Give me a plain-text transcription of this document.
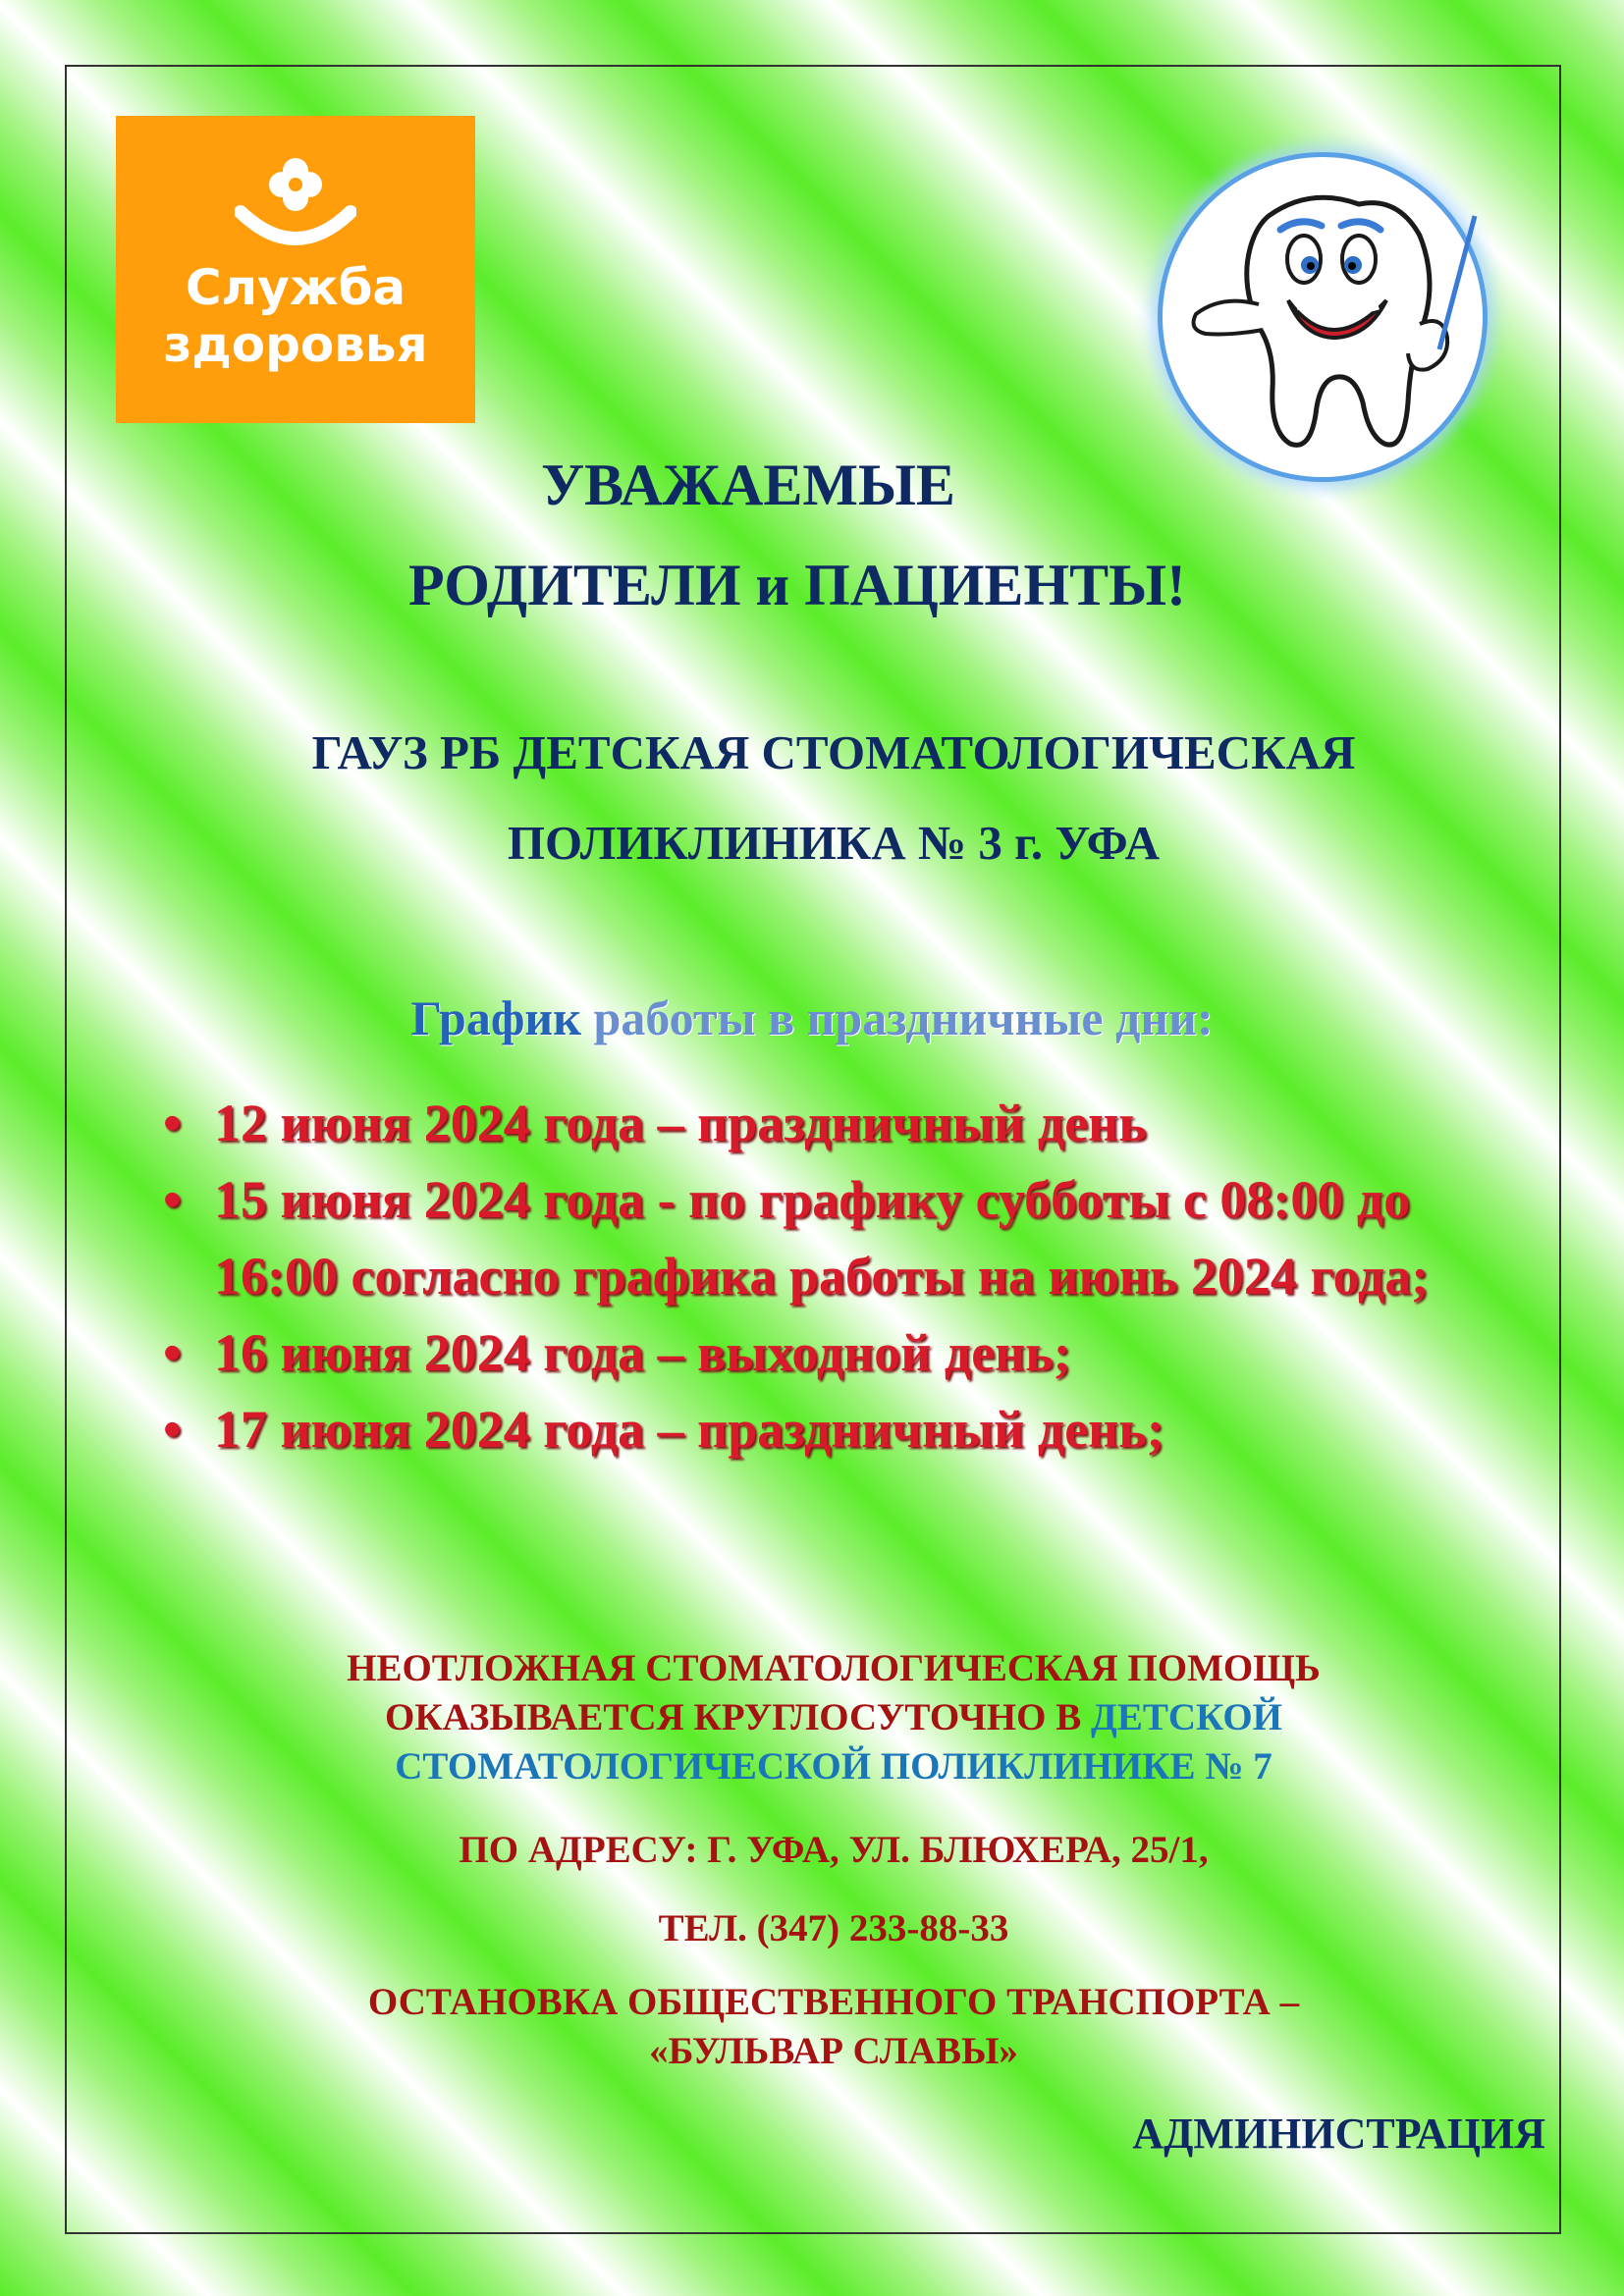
Служба
здоровья
УВАЖАЕМЫЕ
РОДИТЕЛИ и ПАЦИЕНТЫ!
ГАУЗ РБ ДЕТСКАЯ СТОМАТОЛОГИЧЕСКАЯ
ПОЛИКЛИНИКА № 3 г. УФА
График работы в праздничные дни:
• 12 июня 2024 года – праздничный день
• 15 июня 2024 года - по графику субботы с 08:00 до 16:00 согласно графика работы на июнь 2024 года;
• 16 июня 2024 года – выходной день;
• 17 июня 2024 года – праздничный день;
НЕОТЛОЖНАЯ СТОМАТОЛОГИЧЕСКАЯ ПОМОЩЬ
ОКАЗЫВАЕТСЯ КРУГЛОСУТОЧНО В ДЕТСКОЙ
СТОМАТОЛОГИЧЕСКОЙ ПОЛИКЛИНИКЕ № 7
ПО АДРЕСУ: Г. УФА, УЛ. БЛЮХЕРА, 25/1,
ТЕЛ. (347) 233-88-33
ОСТАНОВКА ОБЩЕСТВЕННОГО ТРАНСПОРТА –
«БУЛЬВАР СЛАВЫ»
АДМИНИСТРАЦИЯ
